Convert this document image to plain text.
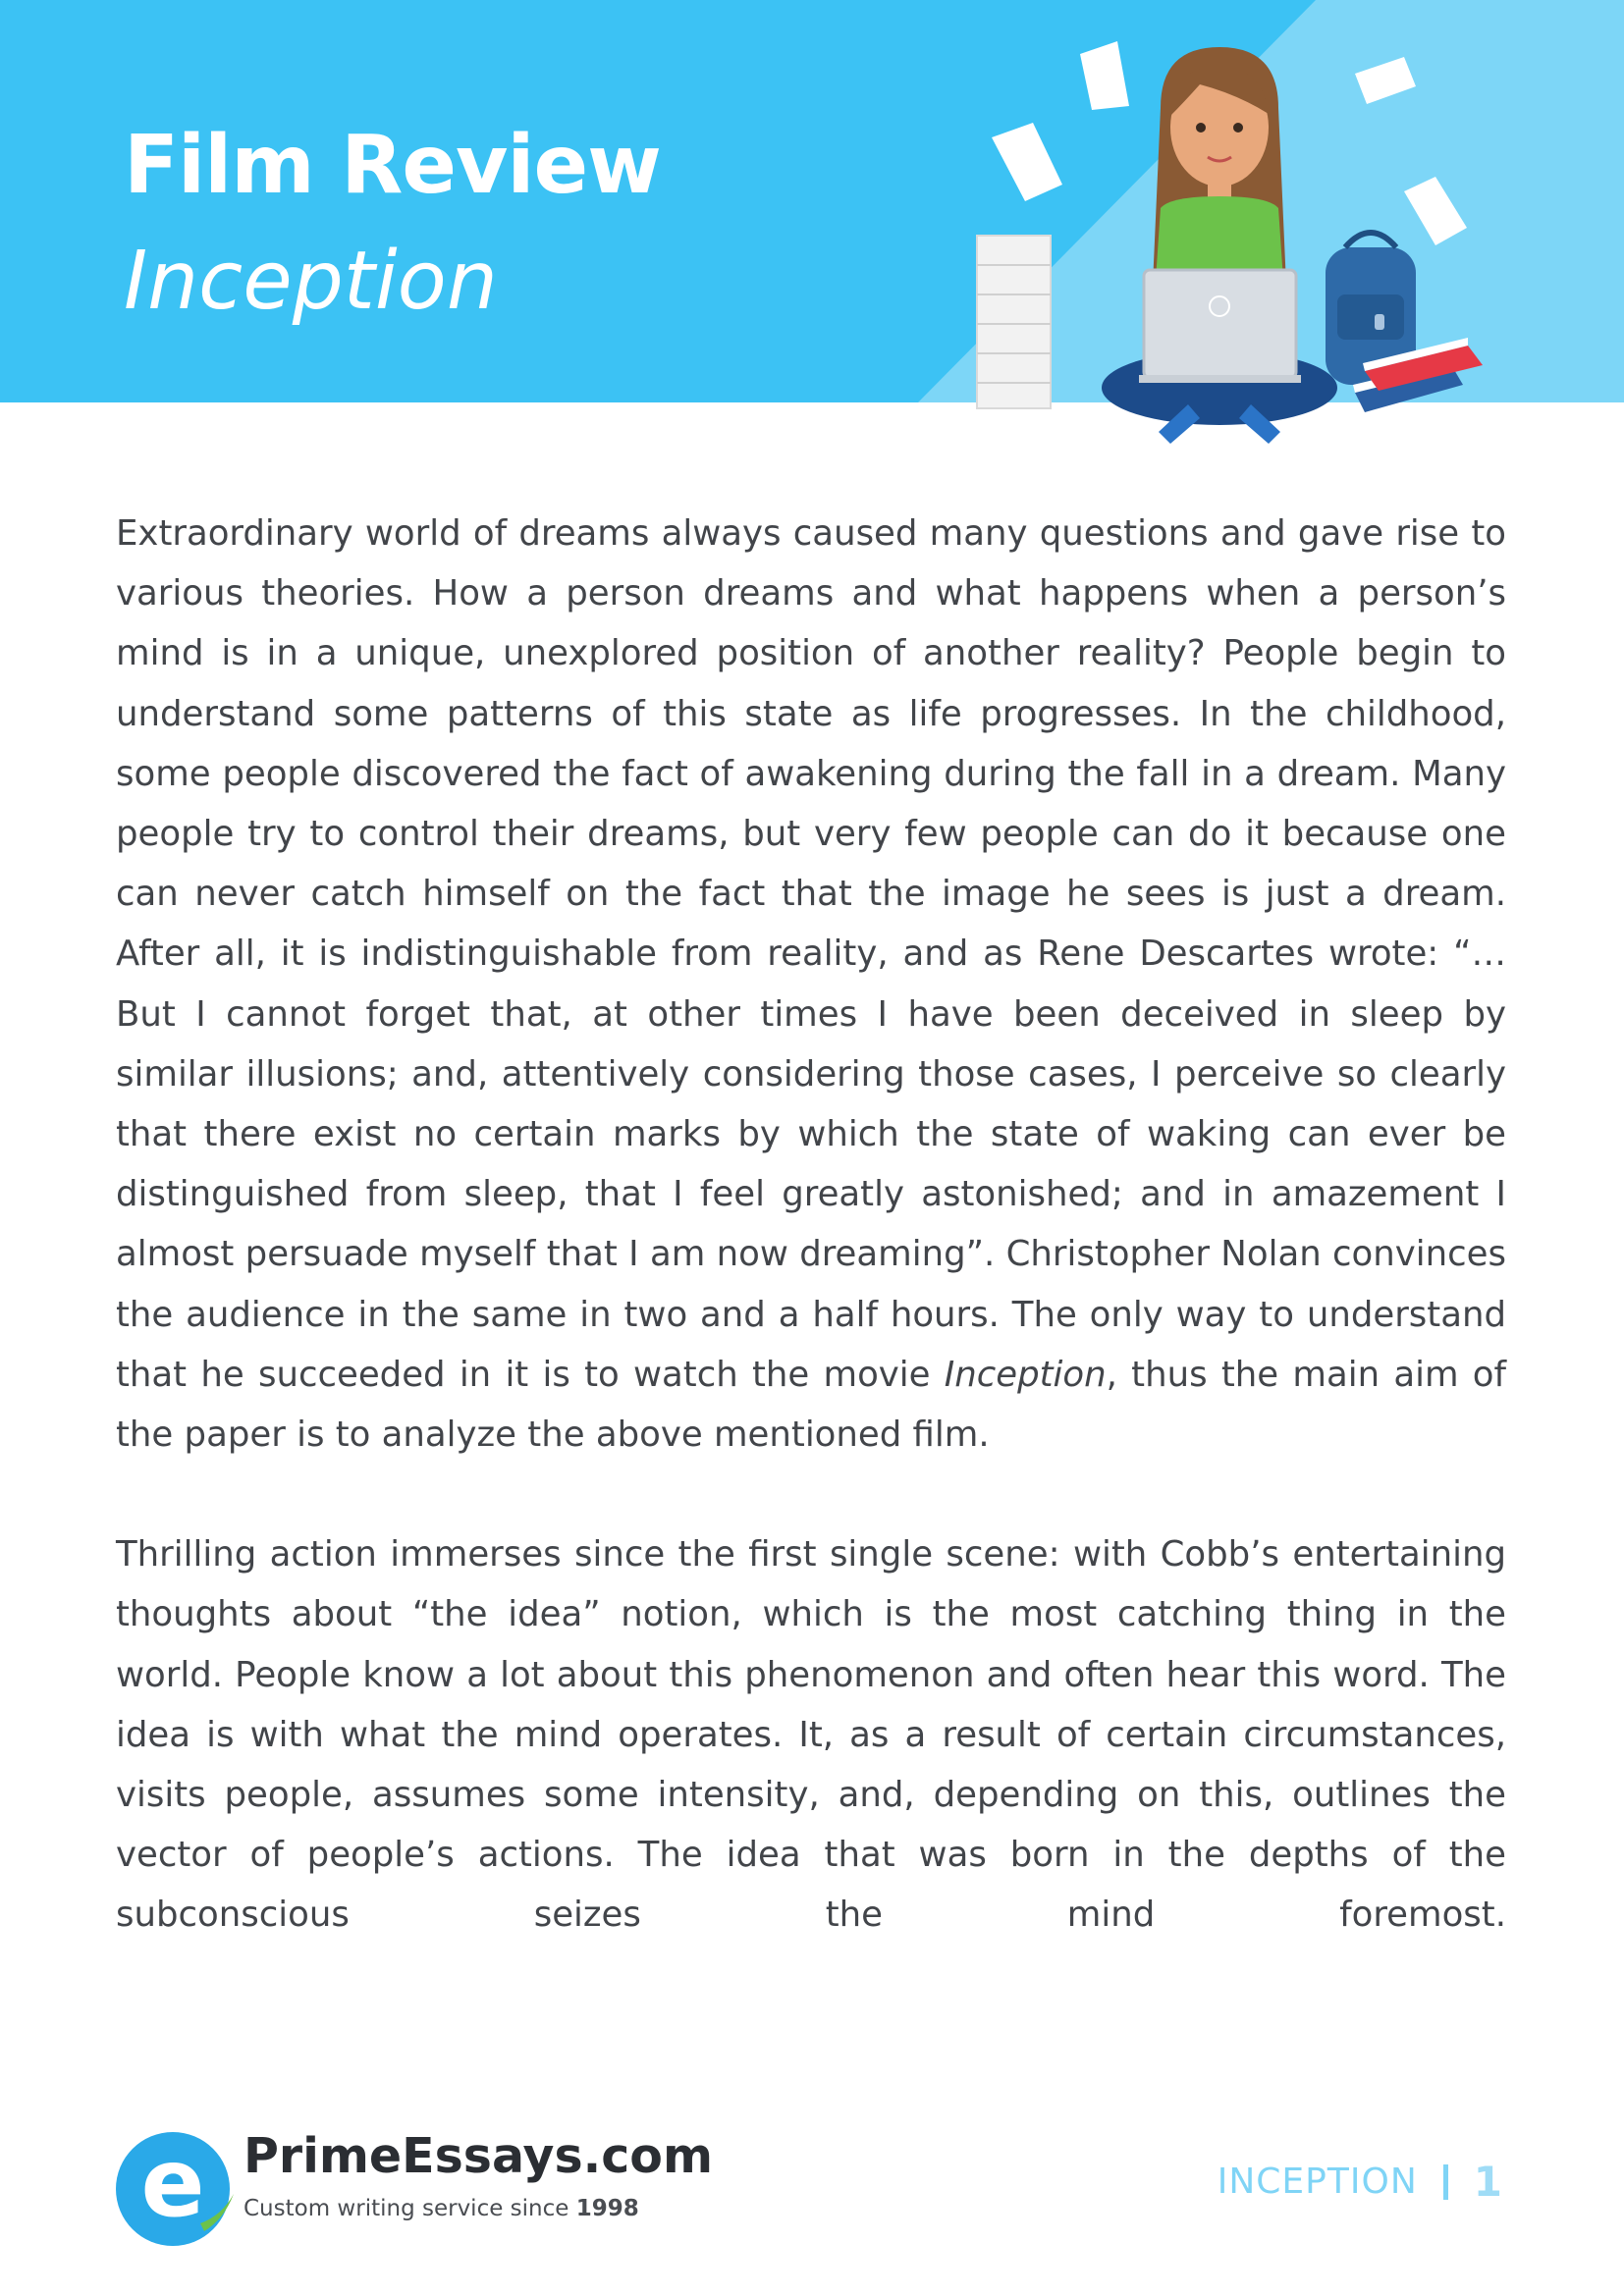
Film Review
Inception

Extraordinary world of dreams always caused many questions and gave rise to various theories. How a person dreams and what happens when a person’s mind is in a unique, unexplored position of another reality? People begin to understand some patterns of this state as life progresses. In the childhood, some people discovered the fact of awakening during the fall in a dream. Many people try to control their dreams, but very few people can do it because one can never catch himself on the fact that the image he sees is just a dream. After all, it is indistinguishable from reality, and as Rene Descartes wrote: “…But I cannot forget that, at other times I have been deceived in sleep by similar illusions; and, attentively considering those cases, I perceive so clearly that there exist no certain marks by which the state of waking can ever be distinguished from sleep, that I feel greatly astonished; and in amazement I almost persuade myself that I am now dreaming”. Christopher Nolan convinces the audience in the same in two and a half hours. The only way to understand that he succeeded in it is to watch the movie Inception, thus the main aim of the paper is to analyze the above mentioned film.

Thrilling action immerses since the first single scene: with Cobb’s entertaining thoughts about “the idea” notion, which is the most catching thing in the world. People know a lot about this phenomenon and often hear this word. The idea is with what the mind operates. It, as a result of certain circumstances, visits people, assumes some intensity, and, depending on this, outlines the vector of people’s actions. The idea that was born in the depths of the subconscious seizes the mind foremost.

e PrimeEssays.com
Custom writing service since 1998
INCEPTION 1
